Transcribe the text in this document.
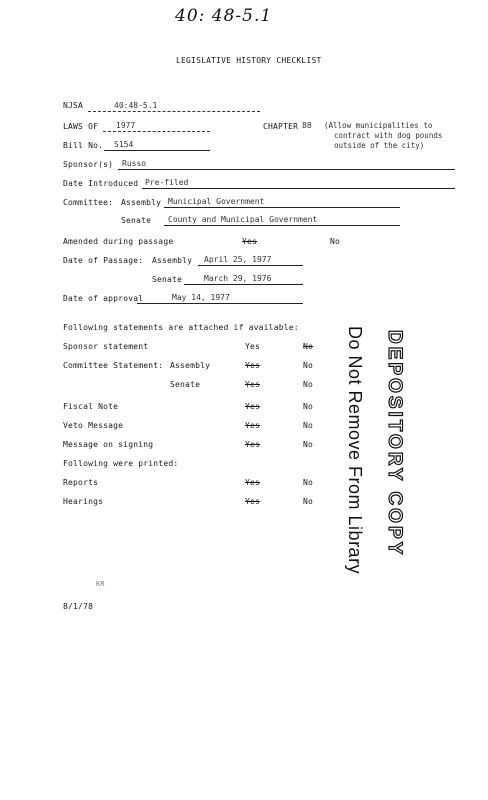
40: 48-5.1
LEGISLATIVE HISTORY CHECKLIST
NJSA	40:48-5.1
LAWS OF 1977	CHAPTER 88 (Allow municipalities to
contract with dog pounds
outside of the city)
Bill No. S154
Sponsor(s) Russo
Date Introduced Pre-filed
Committee: Assembly Municipal Government
Senate County and Municipal Government
Amended during passage	Yes	No
Date of Passage: Assembly April 25, 1977
Senate	March 29, 1976
Date of approval	May 14, 1977
Following statements are attached if available:
Sponsor statement	Yes	No
Committee Statement: Assembly	Yes	No
Senate	Yes	No
Fiscal Note	Yes	No
Veto Message	Yes	No
Message on signing	Yes	No
Following were printed:
Reports	Yes	No
Hearings	Yes	No	DEPOSITORY COPY
Do Not Remove From Library
KR
8/1/78
